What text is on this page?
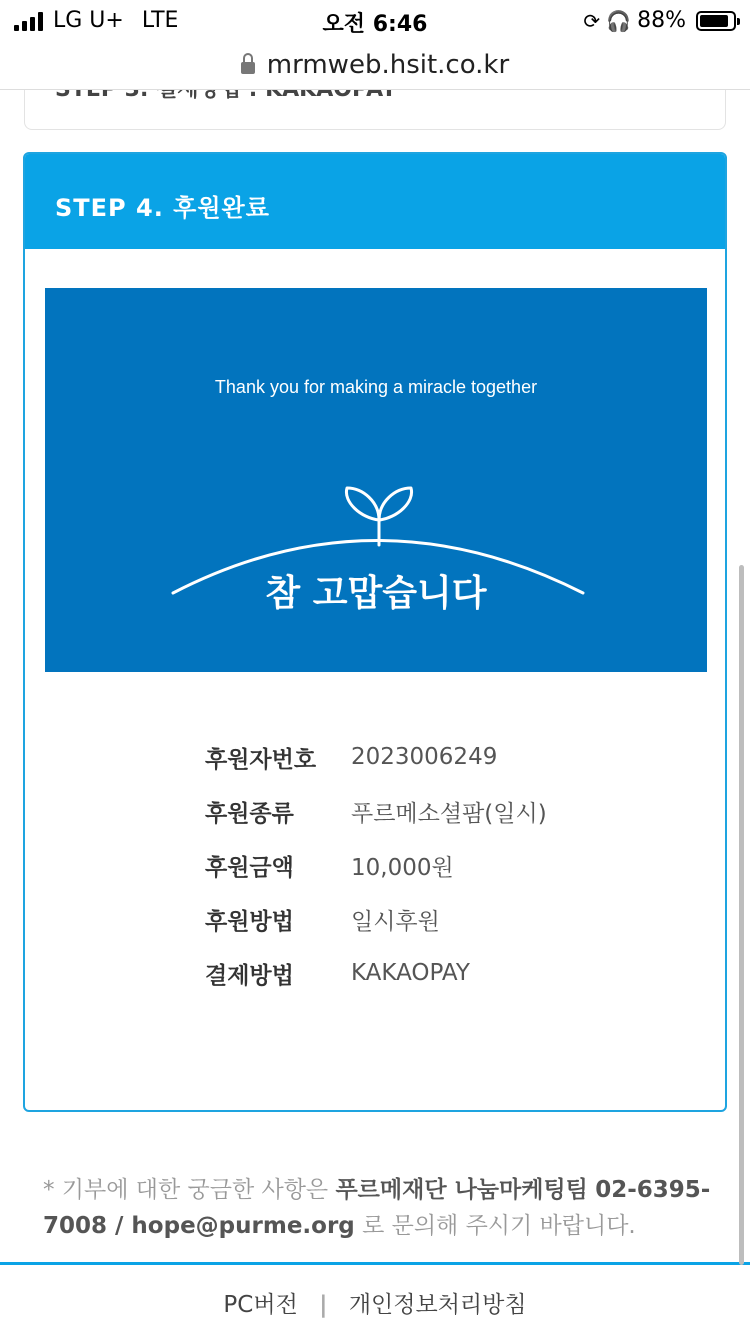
LG U+ LTE	오전 6:46	⟳ 🎧 88%
mrmweb.hsit.co.kr
STEP 4. 후원완료
Thank you for making a miracle together
참 고맙습니다
후원자번호	2023006249
후원종류	푸르메소셜팜(일시)
후원금액	10,000원
후원방법	일시후원
결제방법	KAKAOPAY
* 기부에 대한 궁금한 사항은 푸르메재단 나눔마케팅팀 02-6395-7008 / hope@purme.org 로 문의해 주시기 바랍니다.
PC버전 | 개인정보처리방침
